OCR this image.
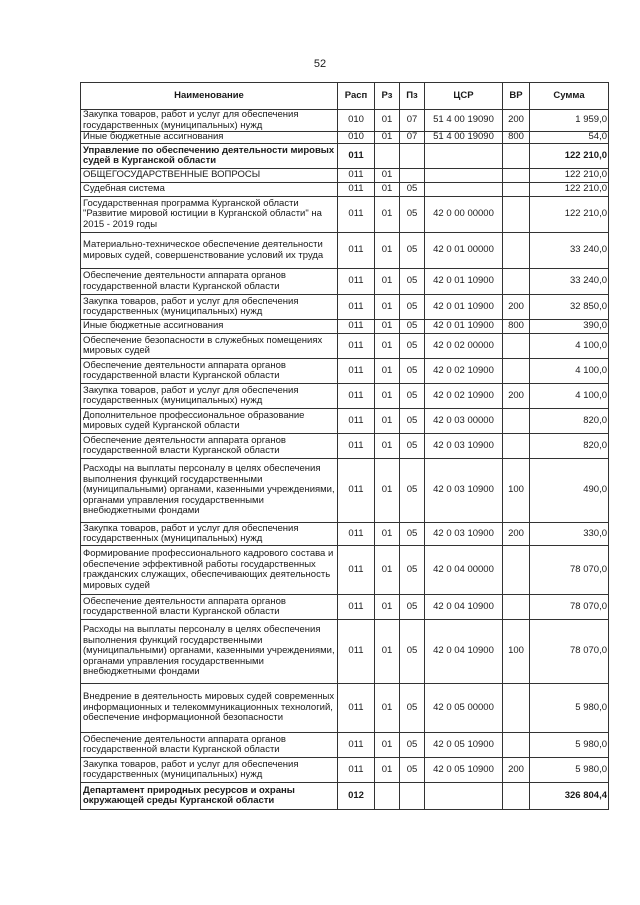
52
Наименование	Расп	Рз	Пз	ЦСР	ВР	Сумма
Закупка товаров, работ и услуг для обеспечения государственных (муниципальных) нужд	010	01	07	51 4 00 19090	200	1 959,0
Иные бюджетные ассигнования	010	01	07	51 4 00 19090	800	54,0
Управление по обеспечению деятельности мировых судей в Курганской области	011					122 210,0
ОБЩЕГОСУДАРСТВЕННЫЕ ВОПРОСЫ	011	01				122 210,0
Судебная система	011	01	05			122 210,0
Государственная программа Курганской области "Развитие мировой юстиции в Курганской области" на 2015 - 2019 годы	011	01	05	42 0 00 00000		122 210,0
Материально-техническое обеспечение деятельности мировых судей, совершенствование условий их труда	011	01	05	42 0 01 00000		33 240,0
Обеспечение деятельности аппарата органов государственной власти Курганской области	011	01	05	42 0 01 10900		33 240,0
Закупка товаров, работ и услуг для обеспечения государственных (муниципальных) нужд	011	01	05	42 0 01 10900	200	32 850,0
Иные бюджетные ассигнования	011	01	05	42 0 01 10900	800	390,0
Обеспечение безопасности в служебных помещениях мировых судей	011	01	05	42 0 02 00000		4 100,0
Обеспечение деятельности аппарата органов государственной власти Курганской области	011	01	05	42 0 02 10900		4 100,0
Закупка товаров, работ и услуг для обеспечения государственных (муниципальных) нужд	011	01	05	42 0 02 10900	200	4 100,0
Дополнительное профессиональное образование мировых судей Курганской области	011	01	05	42 0 03 00000		820,0
Обеспечение деятельности аппарата органов государственной власти Курганской области	011	01	05	42 0 03 10900		820,0
Расходы на выплаты персоналу в целях обеспечения выполнения функций государственными (муниципальными) органами, казенными учреждениями, органами управления государственными внебюджетными фондами	011	01	05	42 0 03 10900	100	490,0
Закупка товаров, работ и услуг для обеспечения государственных (муниципальных) нужд	011	01	05	42 0 03 10900	200	330,0
Формирование профессионального кадрового состава и обеспечение эффективной работы государственных гражданских служащих, обеспечивающих деятельность мировых судей	011	01	05	42 0 04 00000		78 070,0
Обеспечение деятельности аппарата органов государственной власти Курганской области	011	01	05	42 0 04 10900		78 070,0
Расходы на выплаты персоналу в целях обеспечения выполнения функций государственными (муниципальными) органами, казенными учреждениями, органами управления государственными внебюджетными фондами	011	01	05	42 0 04 10900	100	78 070,0
Внедрение в деятельность мировых судей современных информационных и телекоммуникационных технологий, обеспечение информационной безопасности	011	01	05	42 0 05 00000		5 980,0
Обеспечение деятельности аппарата органов государственной власти Курганской области	011	01	05	42 0 05 10900		5 980,0
Закупка товаров, работ и услуг для обеспечения государственных (муниципальных) нужд	011	01	05	42 0 05 10900	200	5 980,0
Департамент природных ресурсов и охраны окружающей среды Курганской области	012					326 804,4
